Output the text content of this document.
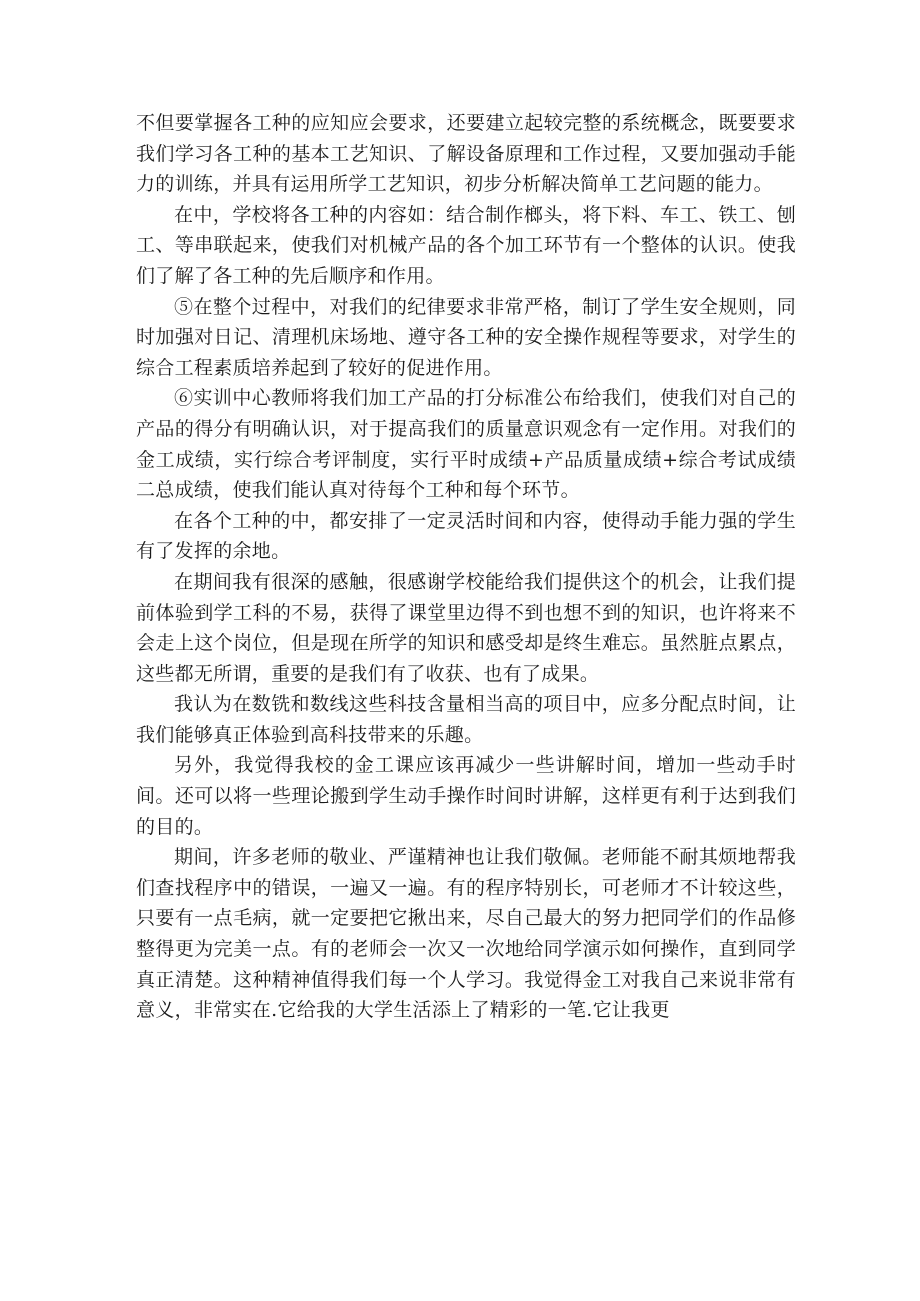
不但要掌握各工种的应知应会要求，还要建立起较完整的系统概念，既要要求我们学习各工种的基本工艺知识、了解设备原理和工作过程，又要加强动手能力的训练，并具有运用所学工艺知识，初步分析解决简单工艺问题的能力。

在中，学校将各工种的内容如：结合制作榔头，将下料、车工、铁工、刨工、等串联起来，使我们对机械产品的各个加工环节有一个整体的认识。使我们了解了各工种的先后顺序和作用。

⑤在整个过程中，对我们的纪律要求非常严格，制订了学生安全规则，同时加强对日记、清理机床场地、遵守各工种的安全操作规程等要求，对学生的综合工程素质培养起到了较好的促进作用。

⑥实训中心教师将我们加工产品的打分标准公布给我们，使我们对自己的产品的得分有明确认识，对于提高我们的质量意识观念有一定作用。对我们的金工成绩，实行综合考评制度，实行平时成绩+产品质量成绩+综合考试成绩二总成绩，使我们能认真对待每个工种和每个环节。

在各个工种的中，都安排了一定灵活时间和内容，使得动手能力强的学生有了发挥的余地。

在期间我有很深的感触，很感谢学校能给我们提供这个的机会，让我们提前体验到学工科的不易，获得了课堂里边得不到也想不到的知识，也许将来不会走上这个岗位，但是现在所学的知识和感受却是终生难忘。虽然脏点累点，这些都无所谓，重要的是我们有了收获、也有了成果。

我认为在数铣和数线这些科技含量相当高的项目中，应多分配点时间，让我们能够真正体验到高科技带来的乐趣。

另外，我觉得我校的金工课应该再减少一些讲解时间，增加一些动手时间。还可以将一些理论搬到学生动手操作时间时讲解，这样更有利于达到我们的目的。

期间，许多老师的敬业、严谨精神也让我们敬佩。老师能不耐其烦地帮我们查找程序中的错误，一遍又一遍。有的程序特别长，可老师才不计较这些，只要有一点毛病，就一定要把它揪出来，尽自己最大的努力把同学们的作品修整得更为完美一点。有的老师会一次又一次地给同学演示如何操作，直到同学真正清楚。这种精神值得我们每一个人学习。我觉得金工对我自己来说非常有意义，非常实在.它给我的大学生活添上了精彩的一笔.它让我更
